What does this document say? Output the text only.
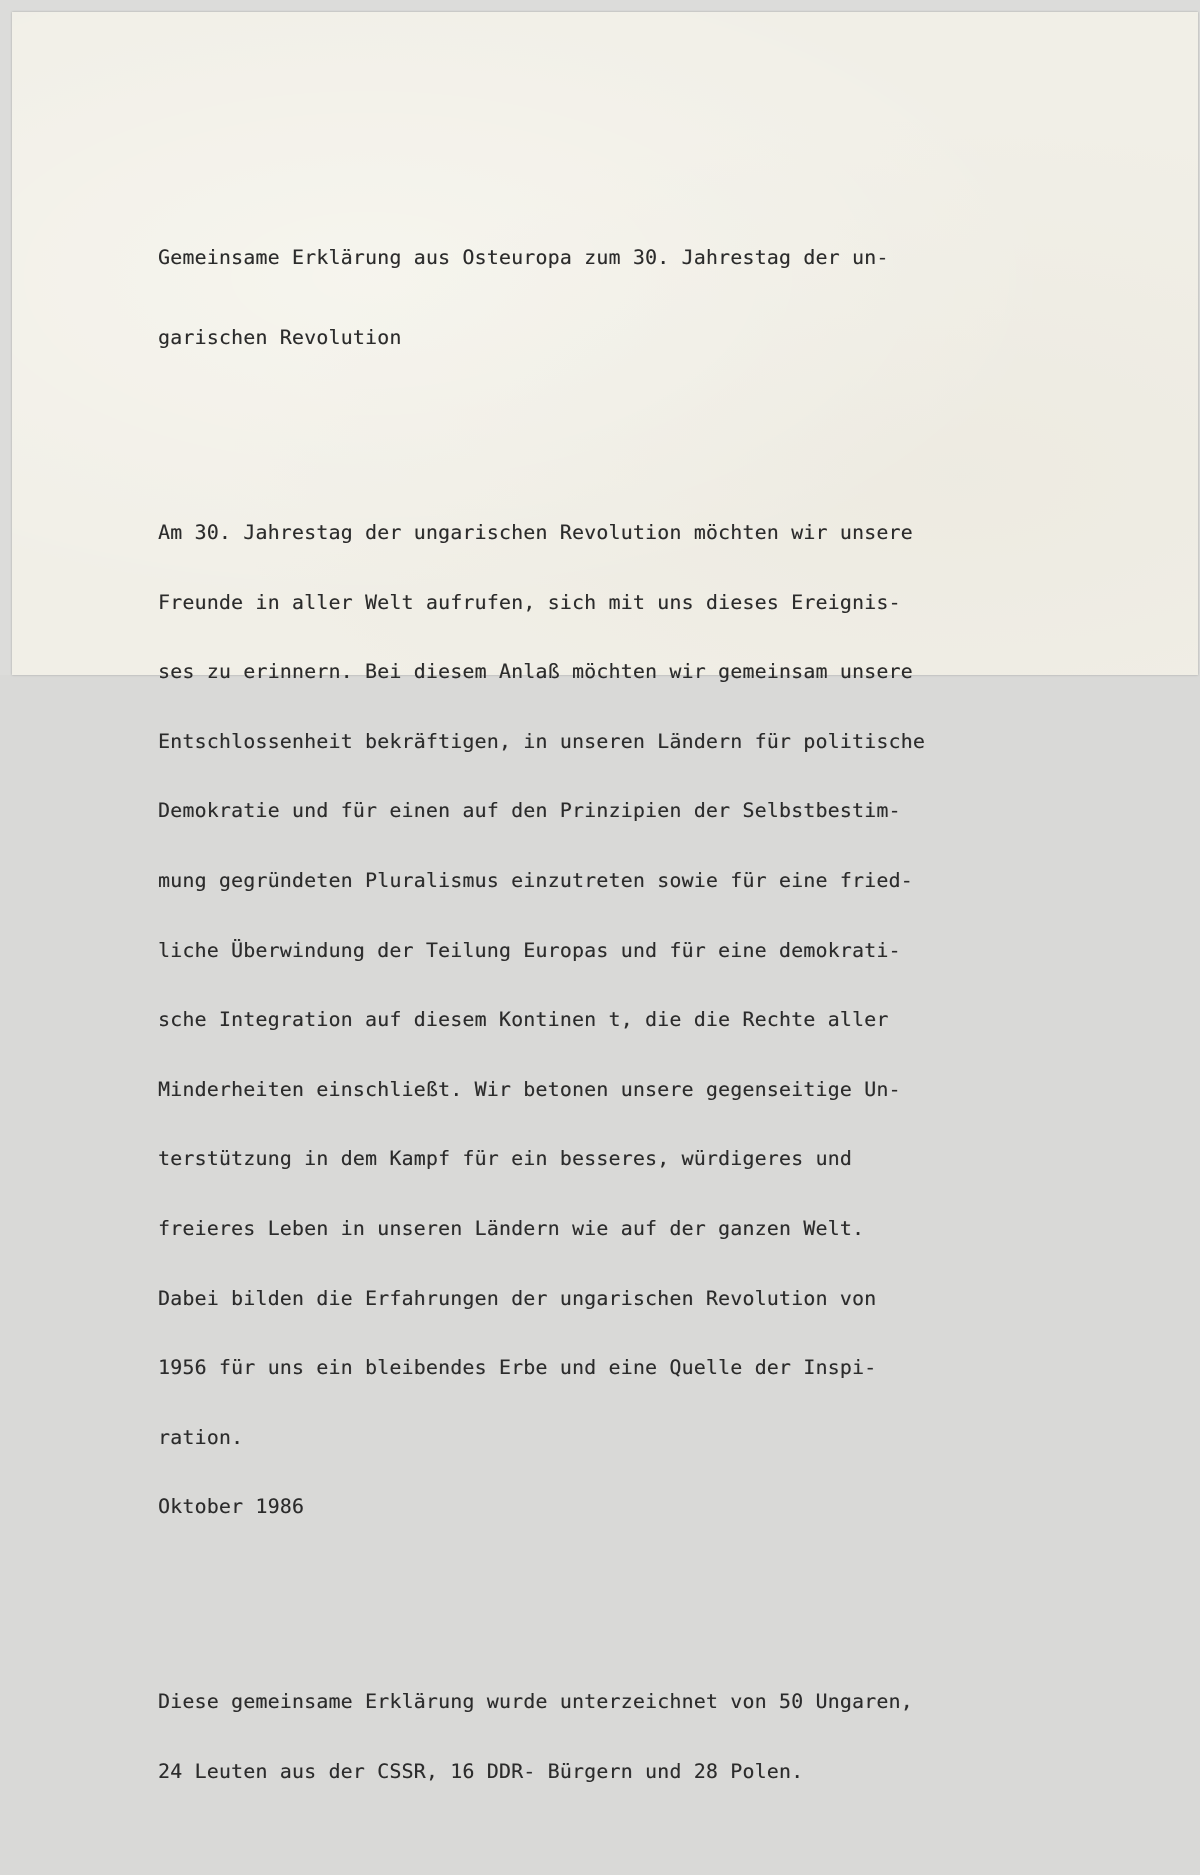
Gemeinsame Erklärung aus Osteuropa zum 30. Jahrestag der un-

garischen Revolution

Am 30. Jahrestag der ungarischen Revolution möchten wir unsere

Freunde in aller Welt aufrufen, sich mit uns dieses Ereignis-

ses zu erinnern. Bei diesem Anlaß möchten wir gemeinsam unsere

Entschlossenheit bekräftigen, in unseren Ländern für politische

Demokratie und für einen auf den Prinzipien der Selbstbestim-

mung gegründeten Pluralismus einzutreten sowie für eine fried-

liche Überwindung der Teilung Europas und für eine demokrati-

sche Integration auf diesem Kontinen t, die die Rechte aller

Minderheiten einschließt. Wir betonen unsere gegenseitige Un-

terstützung in dem Kampf für ein besseres, würdigeres und

freieres Leben in unseren Ländern wie auf der ganzen Welt.

Dabei bilden die Erfahrungen der ungarischen Revolution von

1956 für uns ein bleibendes Erbe und eine Quelle der Inspi-

ration.

Oktober 1986

Diese gemeinsame Erklärung wurde unterzeichnet von 50 Ungaren,

24 Leuten aus der CSSR, 16 DDR- Bürgern und 28 Polen.
